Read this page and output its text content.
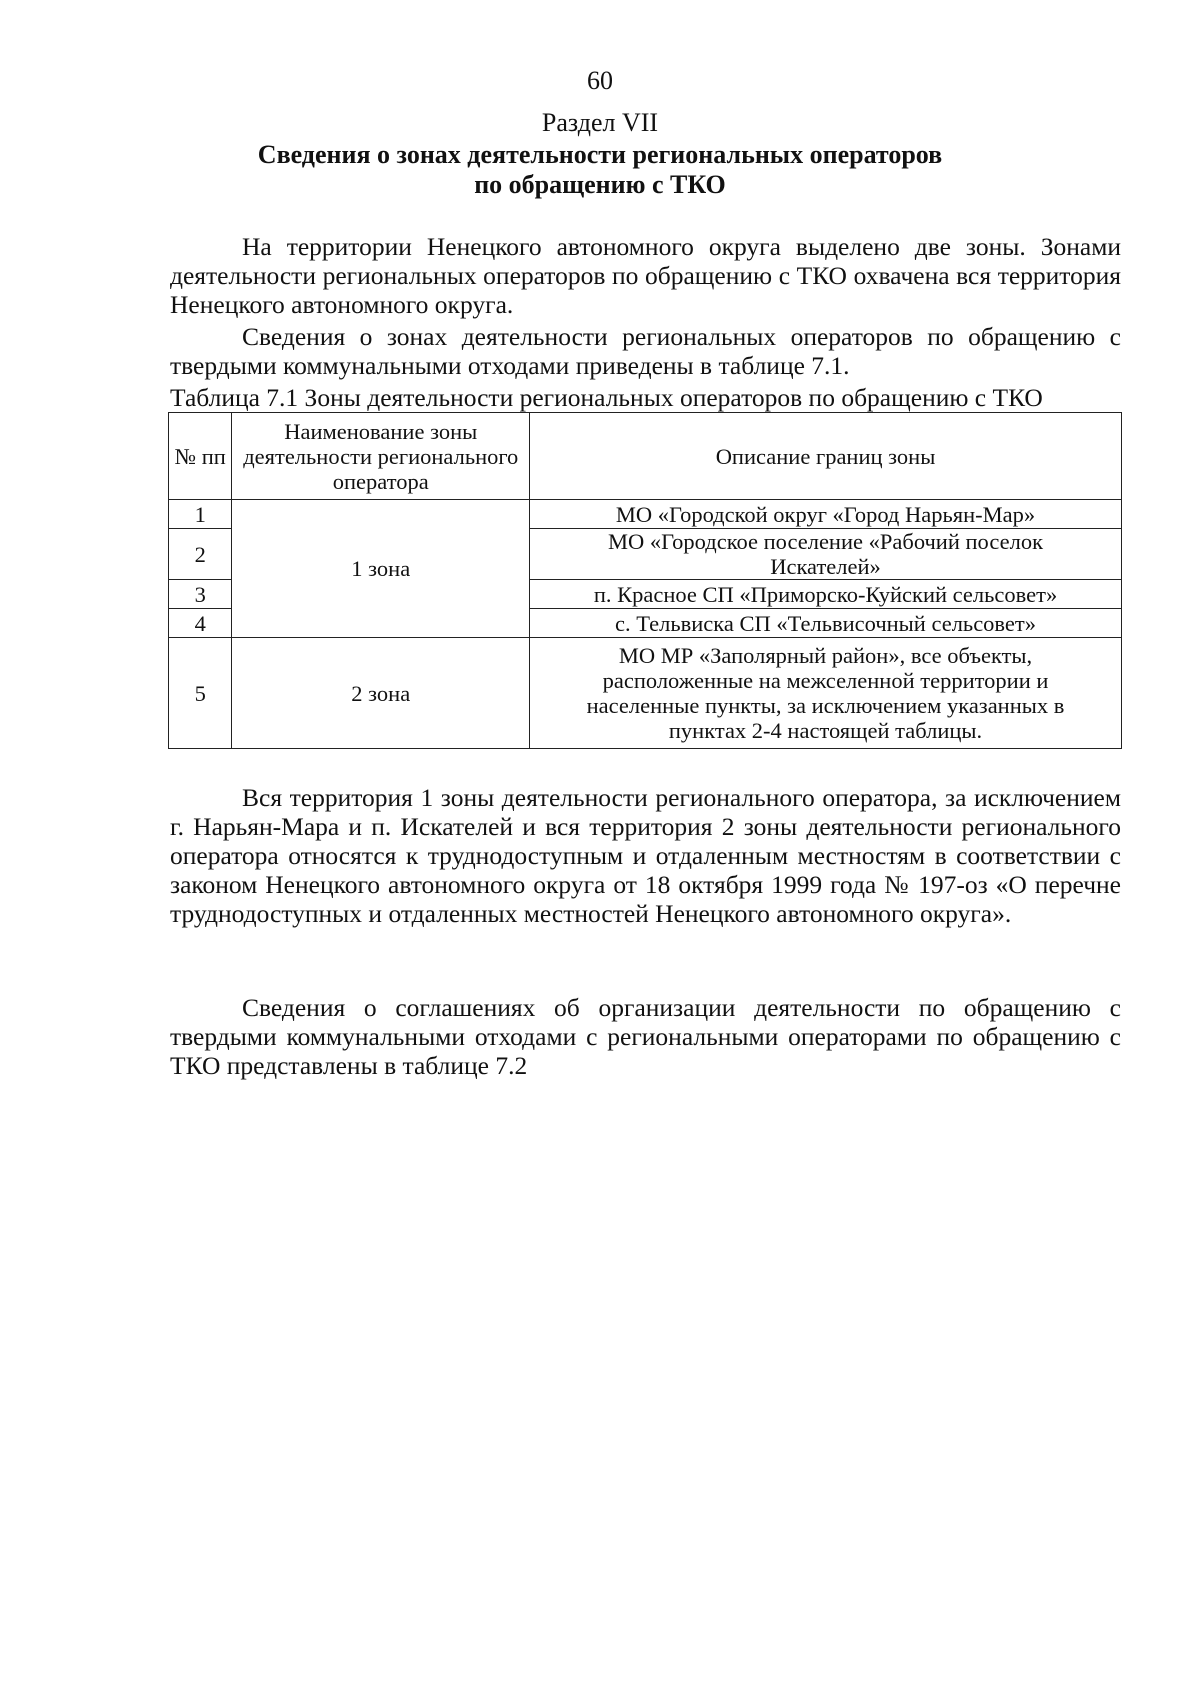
60
Раздел VII
Сведения о зонах деятельности региональных операторов
по обращению с ТКО

На территории Ненецкого автономного округа выделено две зоны. Зонами деятельности региональных операторов по обращению с ТКО охвачена вся территория Ненецкого автономного округа.

Сведения о зонах деятельности региональных операторов по обращению с твердыми коммунальными отходами приведены в таблице 7.1.

Таблица 7.1 Зоны деятельности региональных операторов по обращению с ТКО
№ пп	Наименование зоны деятельности регионального оператора	Описание границ зоны
1	1 зона	МО «Городской округ «Город Нарьян-Мар»
2		МО «Городское поселение «Рабочий поселок Искателей»
3		п. Красное СП «Приморско-Куйский сельсовет»
4		с. Тельвиска СП «Тельвисочный сельсовет»
5	2 зона	МО МР «Заполярный район», все объекты, расположенные на межселенной территории и населенные пункты, за исключением указанных в пунктах 2-4 настоящей таблицы.

Вся территория 1 зоны деятельности регионального оператора, за исключением г. Нарьян-Мара и п. Искателей и вся территория 2 зоны деятельности регионального оператора относятся к труднодоступным и отдаленным местностям в соответствии с законом Ненецкого автономного округа от 18 октября 1999 года № 197-оз «О перечне труднодоступных и отдаленных местностей Ненецкого автономного округа».

Сведения о соглашениях об организации деятельности по обращению с твердыми коммунальными отходами с региональными операторами по обращению с ТКО представлены в таблице 7.2
